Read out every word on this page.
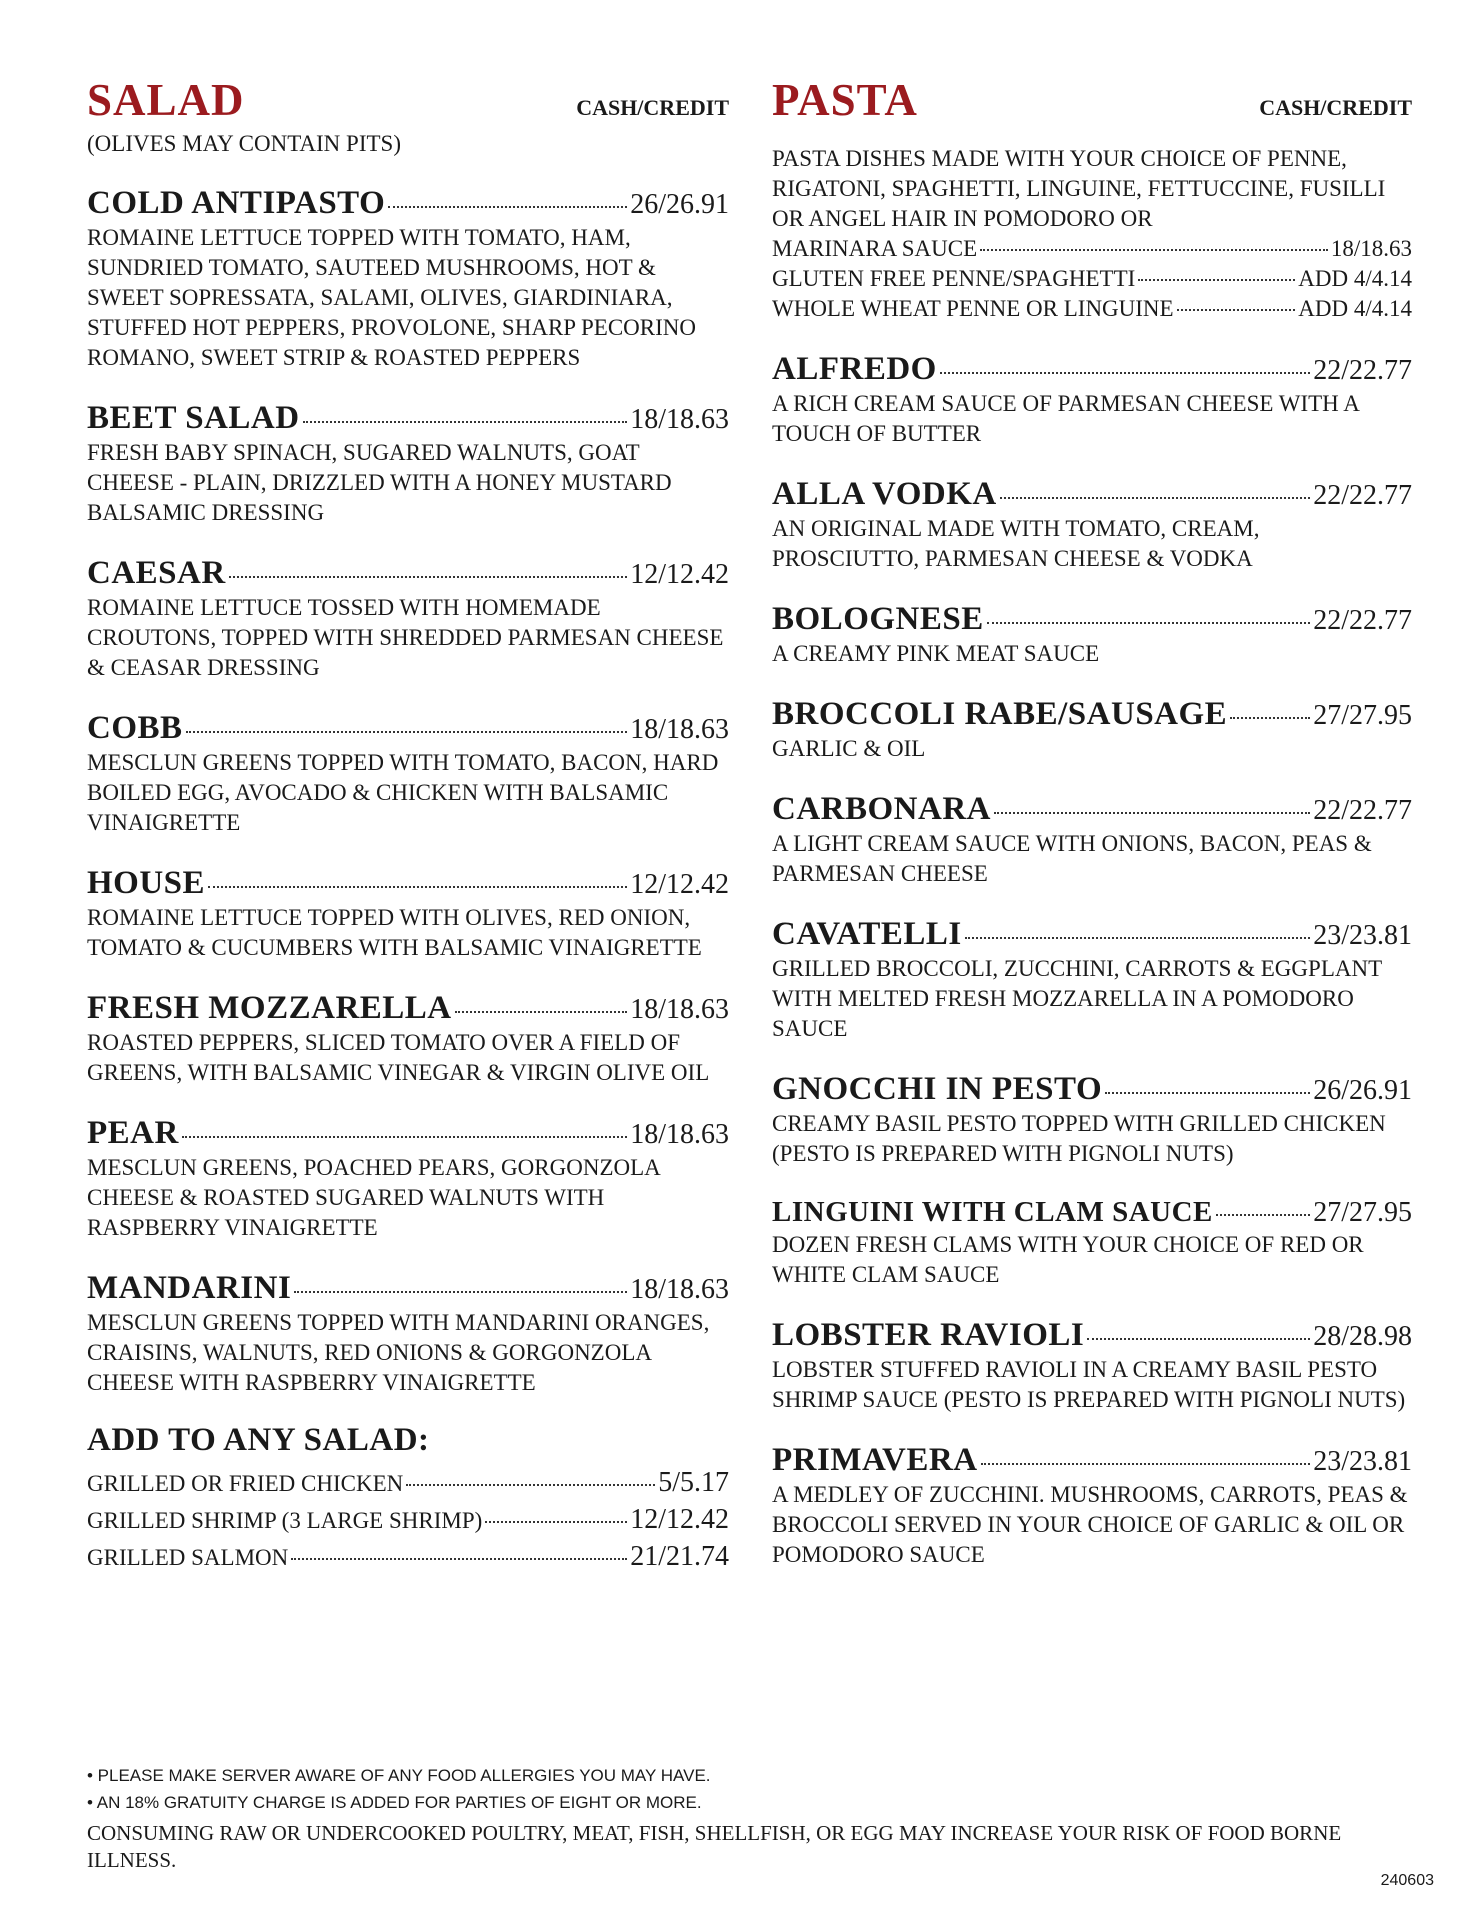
SALAD	CASH/CREDIT
(OLIVES MAY CONTAIN PITS)
COLD ANTIPASTO	26/26.91
ROMAINE LETTUCE TOPPED WITH TOMATO, HAM, SUNDRIED TOMATO, SAUTEED MUSHROOMS, HOT & SWEET SOPRESSATA, SALAMI, OLIVES, GIARDINIARA, STUFFED HOT PEPPERS, PROVOLONE, SHARP PECORINO ROMANO, SWEET STRIP & ROASTED PEPPERS
BEET SALAD	18/18.63
FRESH BABY SPINACH, SUGARED WALNUTS, GOAT CHEESE - PLAIN, DRIZZLED WITH A HONEY MUSTARD BALSAMIC DRESSING
CAESAR	12/12.42
ROMAINE LETTUCE TOSSED WITH HOMEMADE CROUTONS, TOPPED WITH SHREDDED PARMESAN CHEESE & CEASAR DRESSING
COBB	18/18.63
MESCLUN GREENS TOPPED WITH TOMATO, BACON, HARD BOILED EGG, AVOCADO & CHICKEN WITH BALSAMIC VINAIGRETTE
HOUSE	12/12.42
ROMAINE LETTUCE TOPPED WITH OLIVES, RED ONION, TOMATO & CUCUMBERS WITH BALSAMIC VINAIGRETTE
FRESH MOZZARELLA	18/18.63
ROASTED PEPPERS, SLICED TOMATO OVER A FIELD OF GREENS, WITH BALSAMIC VINEGAR & VIRGIN OLIVE OIL
PEAR	18/18.63
MESCLUN GREENS, POACHED PEARS, GORGONZOLA CHEESE & ROASTED SUGARED WALNUTS WITH RASPBERRY VINAIGRETTE
MANDARINI	18/18.63
MESCLUN GREENS TOPPED WITH MANDARINI ORANGES, CRAISINS, WALNUTS, RED ONIONS & GORGONZOLA CHEESE WITH RASPBERRY VINAIGRETTE
ADD TO ANY SALAD:
GRILLED OR FRIED CHICKEN	5/5.17
GRILLED SHRIMP (3 LARGE SHRIMP)	12/12.42
GRILLED SALMON	21/21.74
PASTA	CASH/CREDIT
PASTA DISHES MADE WITH YOUR CHOICE OF PENNE, RIGATONI, SPAGHETTI, LINGUINE, FETTUCCINE, FUSILLI OR ANGEL HAIR IN POMODORO OR
MARINARA SAUCE	18/18.63
GLUTEN FREE PENNE/SPAGHETTI	ADD 4/4.14
WHOLE WHEAT PENNE OR LINGUINE	ADD 4/4.14
ALFREDO	22/22.77
A RICH CREAM SAUCE OF PARMESAN CHEESE WITH A TOUCH OF BUTTER
ALLA VODKA	22/22.77
AN ORIGINAL MADE WITH TOMATO, CREAM, PROSCIUTTO, PARMESAN CHEESE & VODKA
BOLOGNESE	22/22.77
A CREAMY PINK MEAT SAUCE
BROCCOLI RABE/SAUSAGE	27/27.95
GARLIC & OIL
CARBONARA	22/22.77
A LIGHT CREAM SAUCE WITH ONIONS, BACON, PEAS & PARMESAN CHEESE
CAVATELLI	23/23.81
GRILLED BROCCOLI, ZUCCHINI, CARROTS & EGGPLANT WITH MELTED FRESH MOZZARELLA IN A POMODORO SAUCE
GNOCCHI IN PESTO	26/26.91
CREAMY BASIL PESTO TOPPED WITH GRILLED CHICKEN (PESTO IS PREPARED WITH PIGNOLI NUTS)
LINGUINI WITH CLAM SAUCE	27/27.95
DOZEN FRESH CLAMS WITH YOUR CHOICE OF RED OR WHITE CLAM SAUCE
LOBSTER RAVIOLI	28/28.98
LOBSTER STUFFED RAVIOLI IN A CREAMY BASIL PESTO SHRIMP SAUCE (PESTO IS PREPARED WITH PIGNOLI NUTS)
PRIMAVERA	23/23.81
A MEDLEY OF ZUCCHINI. MUSHROOMS, CARROTS, PEAS & BROCCOLI SERVED IN YOUR CHOICE OF GARLIC & OIL OR POMODORO SAUCE
• PLEASE MAKE SERVER AWARE OF ANY FOOD ALLERGIES YOU MAY HAVE.
• AN 18% GRATUITY CHARGE IS ADDED FOR PARTIES OF EIGHT OR MORE.
CONSUMING RAW OR UNDERCOOKED POULTRY, MEAT, FISH, SHELLFISH, OR EGG MAY INCREASE YOUR RISK OF FOOD BORNE ILLNESS.
240603
